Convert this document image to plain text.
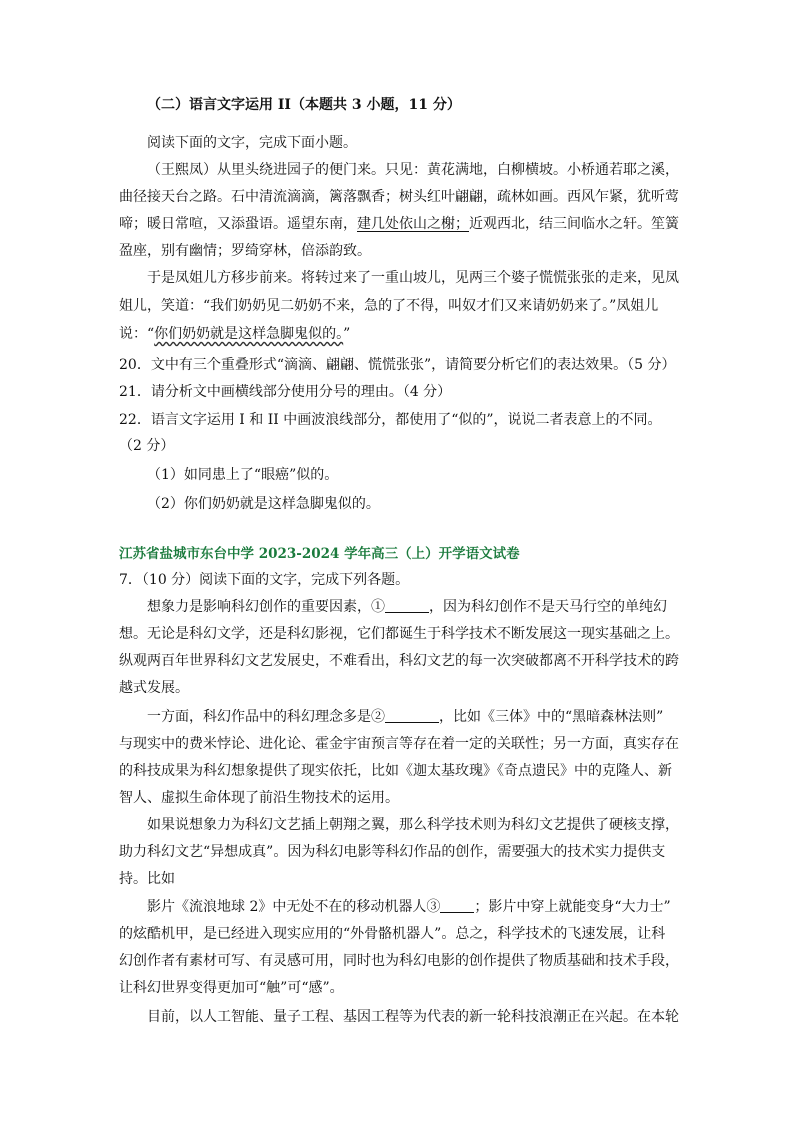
（二）语言文字运用 II（本题共 3 小题，11 分）
阅读下面的文字，完成下面小题。
（王熙凤）从里头绕进园子的便门来。只见：黄花满地，白柳横坡。小桥通若耶之溪，
曲径接天台之路。石中清流滴滴，篱落飘香；树头红叶翩翩，疏林如画。西风乍紧，犹听莺
啼；暖日常喧，又添蛩语。遥望东南，建几处依山之榭；近观西北，结三间临水之轩。笙簧
盈座，别有幽情；罗绮穿林，倍添韵致。
于是凤姐儿方移步前来。将转过来了一重山坡儿，见两三个婆子慌慌张张的走来，见凤
姐儿，笑道：“我们奶奶见二奶奶不来，急的了不得，叫奴才们又来请奶奶来了。”凤姐儿
说：“你们奶奶就是这样急脚鬼似的。”
20．文中有三个重叠形式“滴滴、翩翩、慌慌张张”，请简要分析它们的表达效果。（5 分）
21．请分析文中画横线部分使用分号的理由。（4 分）
22．语言文字运用 I 和 II 中画波浪线部分，都使用了“似的”，说说二者表意上的不同。
（2 分）
（1）如同患上了“眼癌”似的。
（2）你们奶奶就是这样急脚鬼似的。
江苏省盐城市东台中学 2023-2024 学年高三（上）开学语文试卷
7．（10 分）阅读下面的文字，完成下列各题。
想象力是影响科幻创作的重要因素，①	，因为科幻创作不是天马行空的单纯幻
想。无论是科幻文学，还是科幻影视，它们都诞生于科学技术不断发展这一现实基础之上。
纵观两百年世界科幻文艺发展史，不难看出，科幻文艺的每一次突破都离不开科学技术的跨
越式发展。
一方面，科幻作品中的科幻理念多是②	，比如《三体》中的“黑暗森林法则”
与现实中的费米悖论、进化论、霍金宇宙预言等存在着一定的关联性；另一方面，真实存在
的科技成果为科幻想象提供了现实依托，比如《迦太基玫瑰》《奇点遗民》中的克隆人、新
智人、虚拟生命体现了前沿生物技术的运用。
如果说想象力为科幻文艺插上朝翔之翼，那么科学技术则为科幻文艺提供了硬核支撑，
助力科幻文艺“异想成真”。因为科幻电影等科幻作品的创作，需要强大的技术实力提供支
持。比如
影片《流浪地球 2》中无处不在的移动机器人③ ；影片中穿上就能变身“大力士”
的炫酷机甲，是已经进入现实应用的“外骨骼机器人”。总之，科学技术的飞速发展，让科
幻创作者有素材可写、有灵感可用，同时也为科幻电影的创作提供了物质基础和技术手段，
让科幻世界变得更加可“触”可“感”。
目前，以人工智能、量子工程、基因工程等为代表的新一轮科技浪潮正在兴起。在本轮
